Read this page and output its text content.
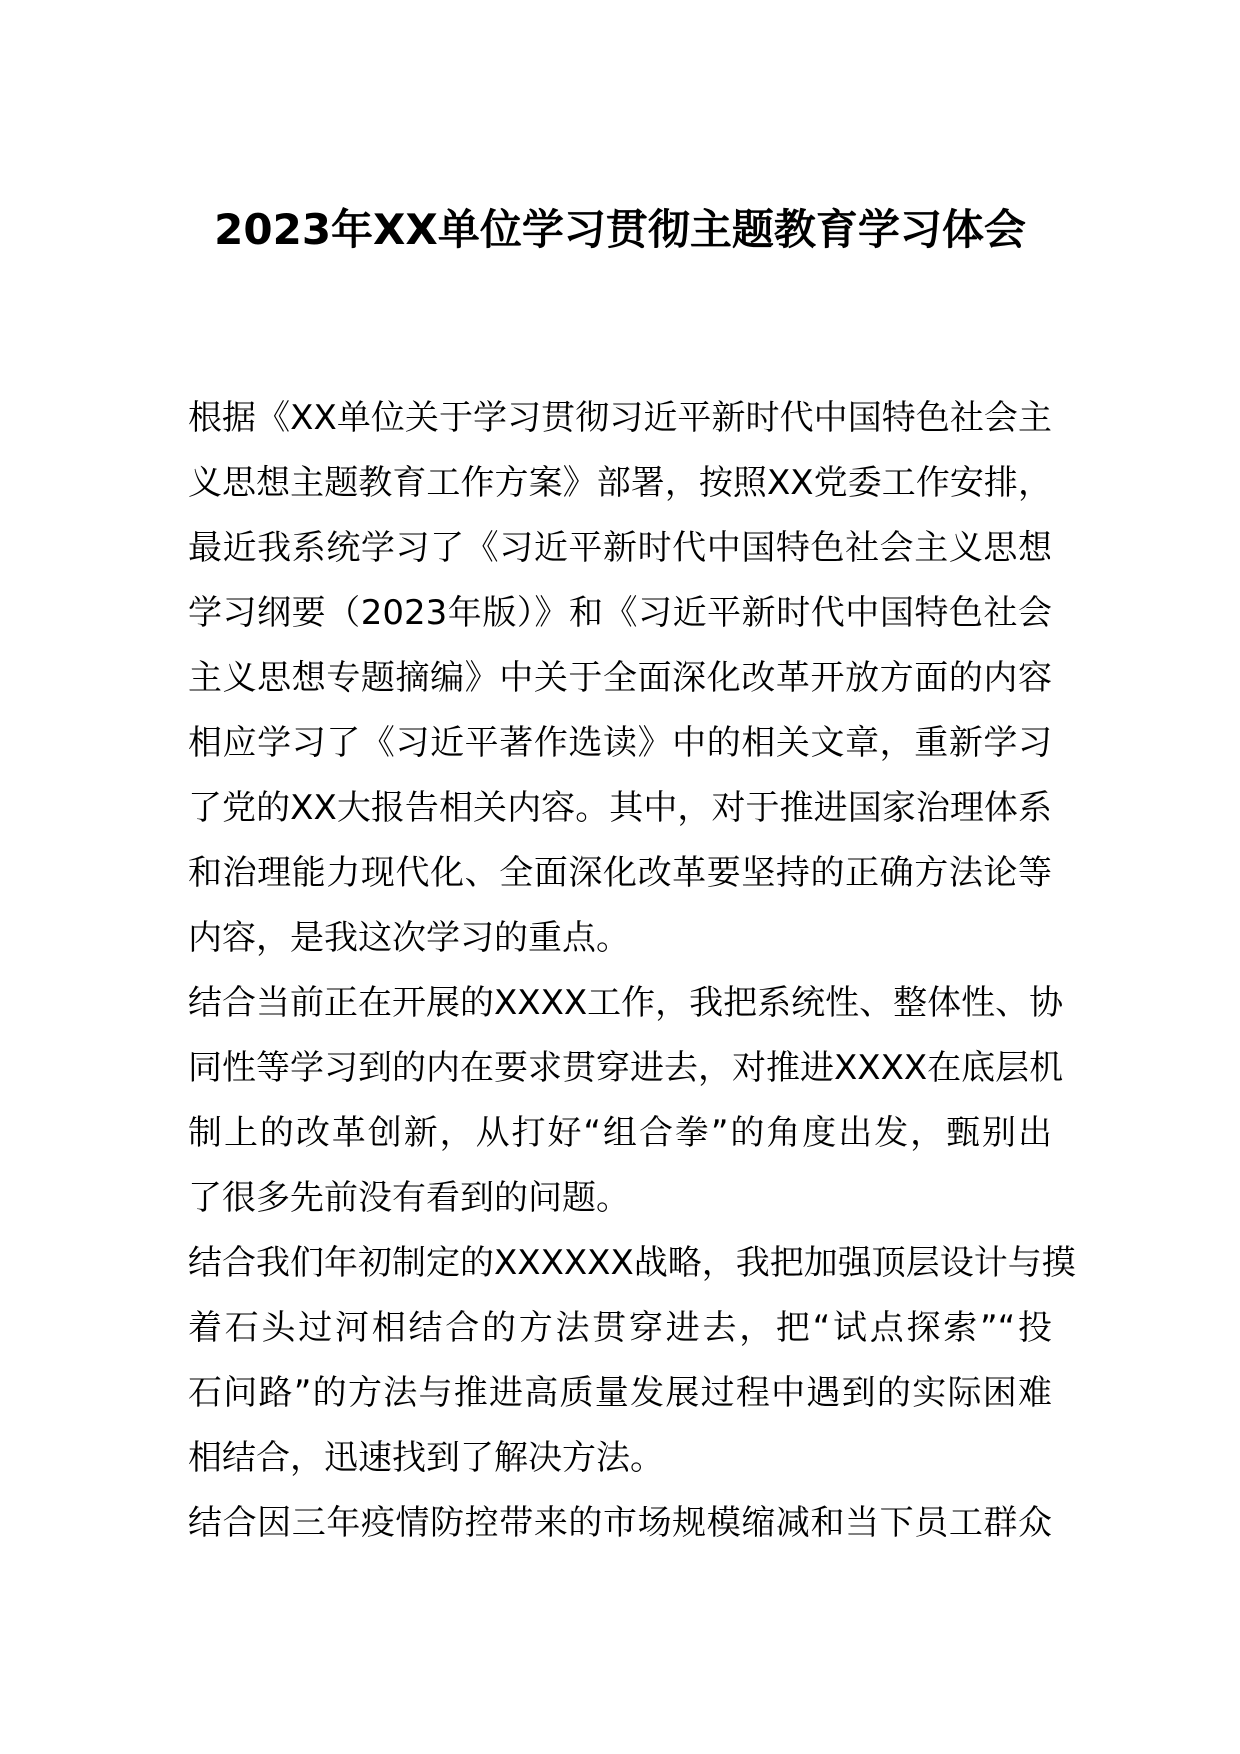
2023年XX单位学习贯彻主题教育学习体会
根据《XX单位关于学习贯彻习近平新时代中国特色社会主
义思想主题教育工作方案》部署，按照XX党委工作安排，
最近我系统学习了《习近平新时代中国特色社会主义思想
学习纲要（2023年版）》和《习近平新时代中国特色社会
主义思想专题摘编》中关于全面深化改革开放方面的内容
相应学习了《习近平著作选读》中的相关文章，重新学习
了党的XX大报告相关内容。其中，对于推进国家治理体系
和治理能力现代化、全面深化改革要坚持的正确方法论等
内容，是我这次学习的重点。
结合当前正在开展的XXXX工作，我把系统性、整体性、协
同性等学习到的内在要求贯穿进去，对推进XXXX在底层机
制上的改革创新，从打好“组合拳”的角度出发，甄别出
了很多先前没有看到的问题。
结合我们年初制定的XXXXXX战略，我把加强顶层设计与摸
着石头过河相结合的方法贯穿进去，把“试点探索”“投
石问路”的方法与推进高质量发展过程中遇到的实际困难
相结合，迅速找到了解决方法。
结合因三年疫情防控带来的市场规模缩减和当下员工群众
